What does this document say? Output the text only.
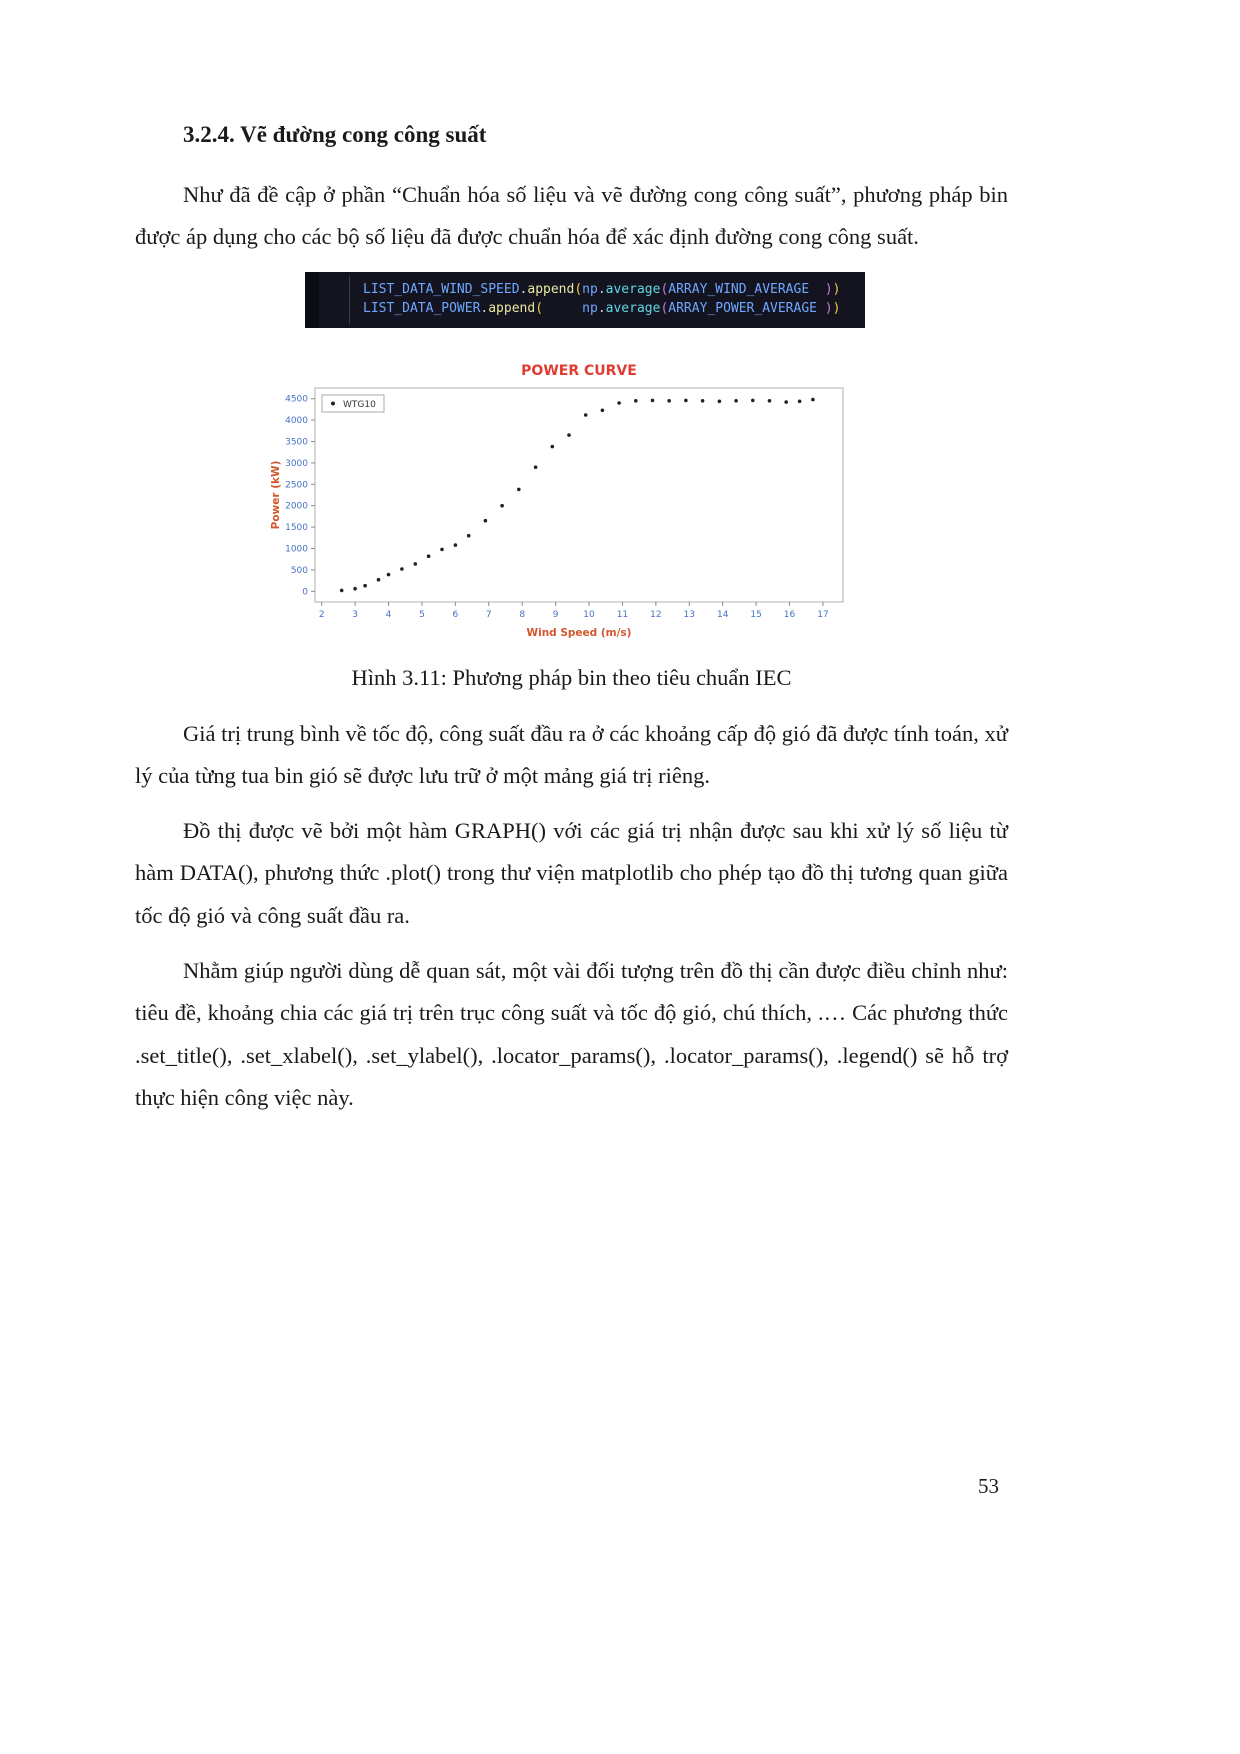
3.2.4. Vẽ đường cong công suất

Như đã đề cập ở phần “Chuẩn hóa số liệu và vẽ đường cong công suất”, phương pháp bin được áp dụng cho các bộ số liệu đã được chuẩn hóa để xác định đường cong công suất.

LIST_DATA_WIND_SPEED.append(np.average(ARRAY_WIND_AVERAGE ))
LIST_DATA_POWER.append(	np.average(ARRAY_POWER_AVERAGE ))
0
500
1000
1500
2000
2500
3000
3500
4000
4500
2	3	4	5	6	7	8	9	10 11 12 13 14 15 16 17
POWER CURVE
Wind Speed (m/s)
Power (kW)
WTG10

Hình 3.11: Phương pháp bin theo tiêu chuẩn IEC

Giá trị trung bình về tốc độ, công suất đầu ra ở các khoảng cấp độ gió đã được tính toán, xử lý của từng tua bin gió sẽ được lưu trữ ở một mảng giá trị riêng.

Đồ thị được vẽ bởi một hàm GRAPH() với các giá trị nhận được sau khi xử lý số liệu từ hàm DATA(), phương thức .plot() trong thư viện matplotlib cho phép tạo đồ thị tương quan giữa tốc độ gió và công suất đầu ra.

Nhằm giúp người dùng dễ quan sát, một vài đối tượng trên đồ thị cần được điều chỉnh như: tiêu đề, khoảng chia các giá trị trên trục công suất và tốc độ gió, chú thích, .… Các phương thức .set_title(), .set_xlabel(), .set_ylabel(), .locator_params(), .locator_params(), .legend() sẽ hỗ trợ thực hiện công việc này.

53
